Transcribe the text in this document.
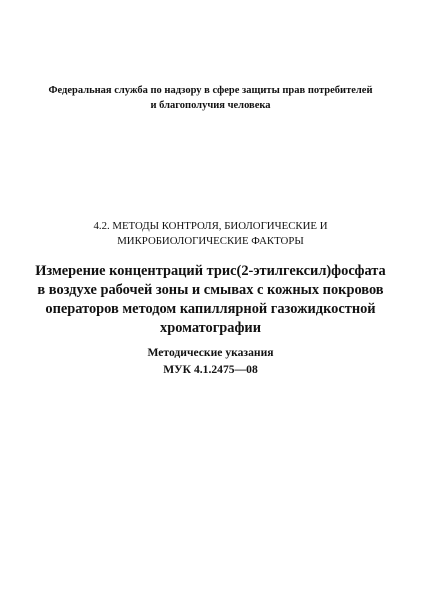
Федеральная служба по надзору в сфере защиты прав потребителей
и благополучия человека
4.2. МЕТОДЫ КОНТРОЛЯ, БИОЛОГИЧЕСКИЕ И
МИКРОБИОЛОГИЧЕСКИЕ ФАКТОРЫ
Измерение концентраций трис(2-этилгексил)фосфата
в воздухе рабочей зоны и смывах с кожных покровов
операторов методом капиллярной газожидкостной
хроматографии
Методические указания
МУК 4.1.2475—08
